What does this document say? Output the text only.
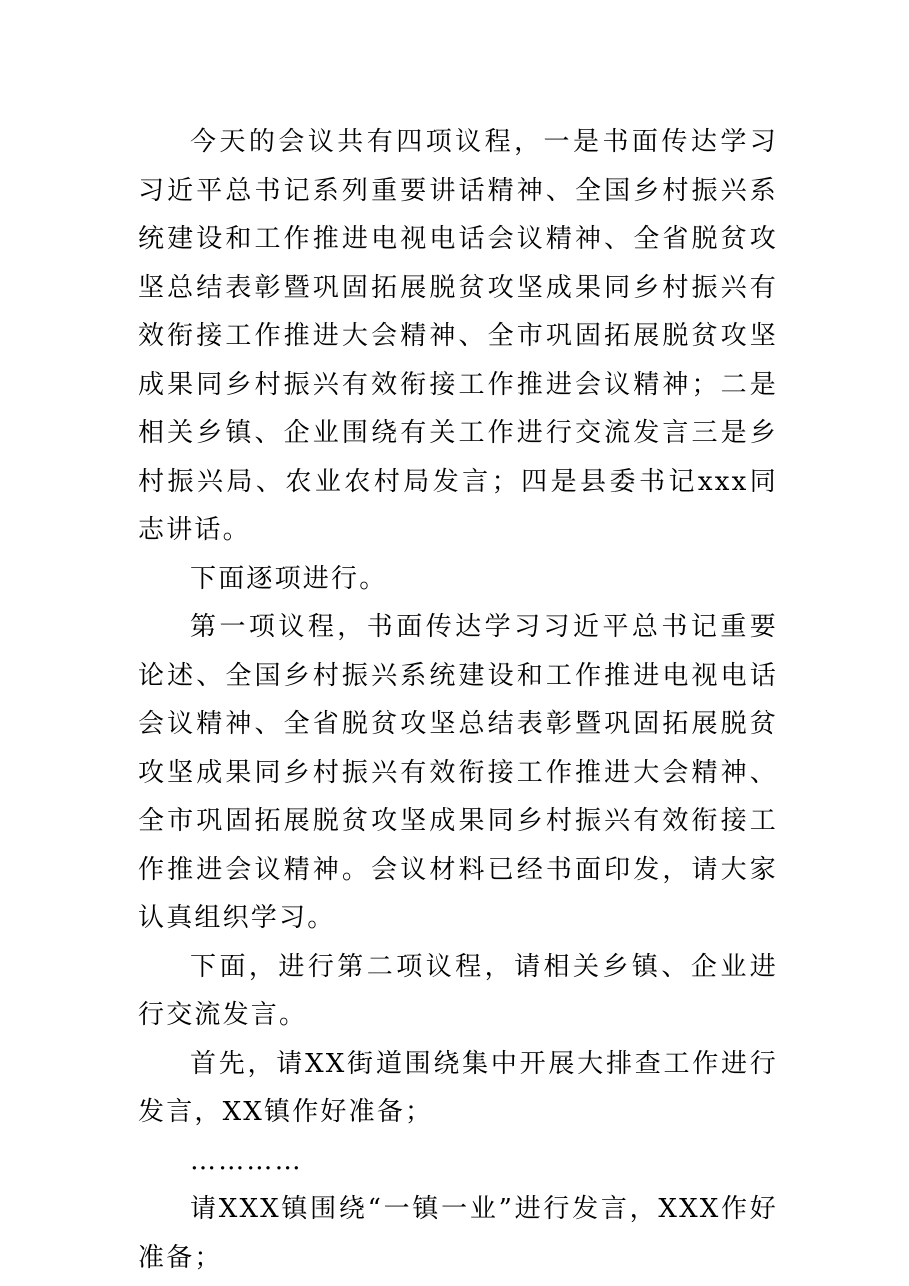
今天的会议共有四项议程，一是书面传达学习习近平总书记系列重要讲话精神、全国乡村振兴系统建设和工作推进电视电话会议精神、全省脱贫攻坚总结表彰暨巩固拓展脱贫攻坚成果同乡村振兴有效衔接工作推进大会精神、全市巩固拓展脱贫攻坚成果同乡村振兴有效衔接工作推进会议精神；二是相关乡镇、企业围绕有关工作进行交流发言三是乡村振兴局、农业农村局发言；四是县委书记xxx同志讲话。

下面逐项进行。

第一项议程，书面传达学习习近平总书记重要论述、全国乡村振兴系统建设和工作推进电视电话会议精神、全省脱贫攻坚总结表彰暨巩固拓展脱贫攻坚成果同乡村振兴有效衔接工作推进大会精神、全市巩固拓展脱贫攻坚成果同乡村振兴有效衔接工作推进会议精神。会议材料已经书面印发，请大家认真组织学习。

下面，进行第二项议程，请相关乡镇、企业进行交流发言。

首先，请XX街道围绕集中开展大排查工作进行发言，XX镇作好准备；

…………

请XXX镇围绕“一镇一业”进行发言，XXX作好准备；
